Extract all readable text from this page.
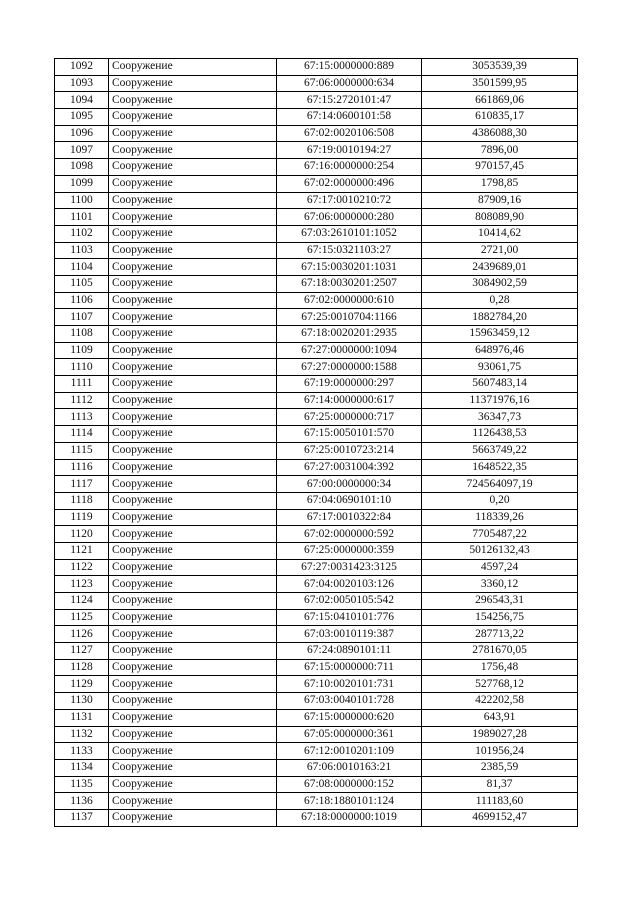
1092	Сооружение	67:15:0000000:889	3053539,39
1093	Сооружение	67:06:0000000:634	3501599,95
1094	Сооружение	67:15:2720101:47	661869,06
1095	Сооружение	67:14:0600101:58	610835,17
1096	Сооружение	67:02:0020106:508	4386088,30
1097	Сооружение	67:19:0010194:27	7896,00
1098	Сооружение	67:16:0000000:254	970157,45
1099	Сооружение	67:02:0000000:496	1798,85
1100	Сооружение	67:17:0010210:72	87909,16
1101	Сооружение	67:06:0000000:280	808089,90
1102	Сооружение	67:03:2610101:1052	10414,62
1103	Сооружение	67:15:0321103:27	2721,00
1104	Сооружение	67:15:0030201:1031	2439689,01
1105	Сооружение	67:18:0030201:2507	3084902,59
1106	Сооружение	67:02:0000000:610	0,28
1107	Сооружение	67:25:0010704:1166	1882784,20
1108	Сооружение	67:18:0020201:2935	15963459,12
1109	Сооружение	67:27:0000000:1094	648976,46
1110	Сооружение	67:27:0000000:1588	93061,75
1111	Сооружение	67:19:0000000:297	5607483,14
1112	Сооружение	67:14:0000000:617	11371976,16
1113	Сооружение	67:25:0000000:717	36347,73
1114	Сооружение	67:15:0050101:570	1126438,53
1115	Сооружение	67:25:0010723:214	5663749,22
1116	Сооружение	67:27:0031004:392	1648522,35
1117	Сооружение	67:00:0000000:34	724564097,19
1118	Сооружение	67:04:0690101:10	0,20
1119	Сооружение	67:17:0010322:84	118339,26
1120	Сооружение	67:02:0000000:592	7705487,22
1121	Сооружение	67:25:0000000:359	50126132,43
1122	Сооружение	67:27:0031423:3125	4597,24
1123	Сооружение	67:04:0020103:126	3360,12
1124	Сооружение	67:02:0050105:542	296543,31
1125	Сооружение	67:15:0410101:776	154256,75
1126	Сооружение	67:03:0010119:387	287713,22
1127	Сооружение	67:24:0890101:11	2781670,05
1128	Сооружение	67:15:0000000:711	1756,48
1129	Сооружение	67:10:0020101:731	527768,12
1130	Сооружение	67:03:0040101:728	422202,58
1131	Сооружение	67:15:0000000:620	643,91
1132	Сооружение	67:05:0000000:361	1989027,28
1133	Сооружение	67:12:0010201:109	101956,24
1134	Сооружение	67:06:0010163:21	2385,59
1135	Сооружение	67:08:0000000:152	81,37
1136	Сооружение	67:18:1880101:124	111183,60
1137	Сооружение	67:18:0000000:1019	4699152,47
